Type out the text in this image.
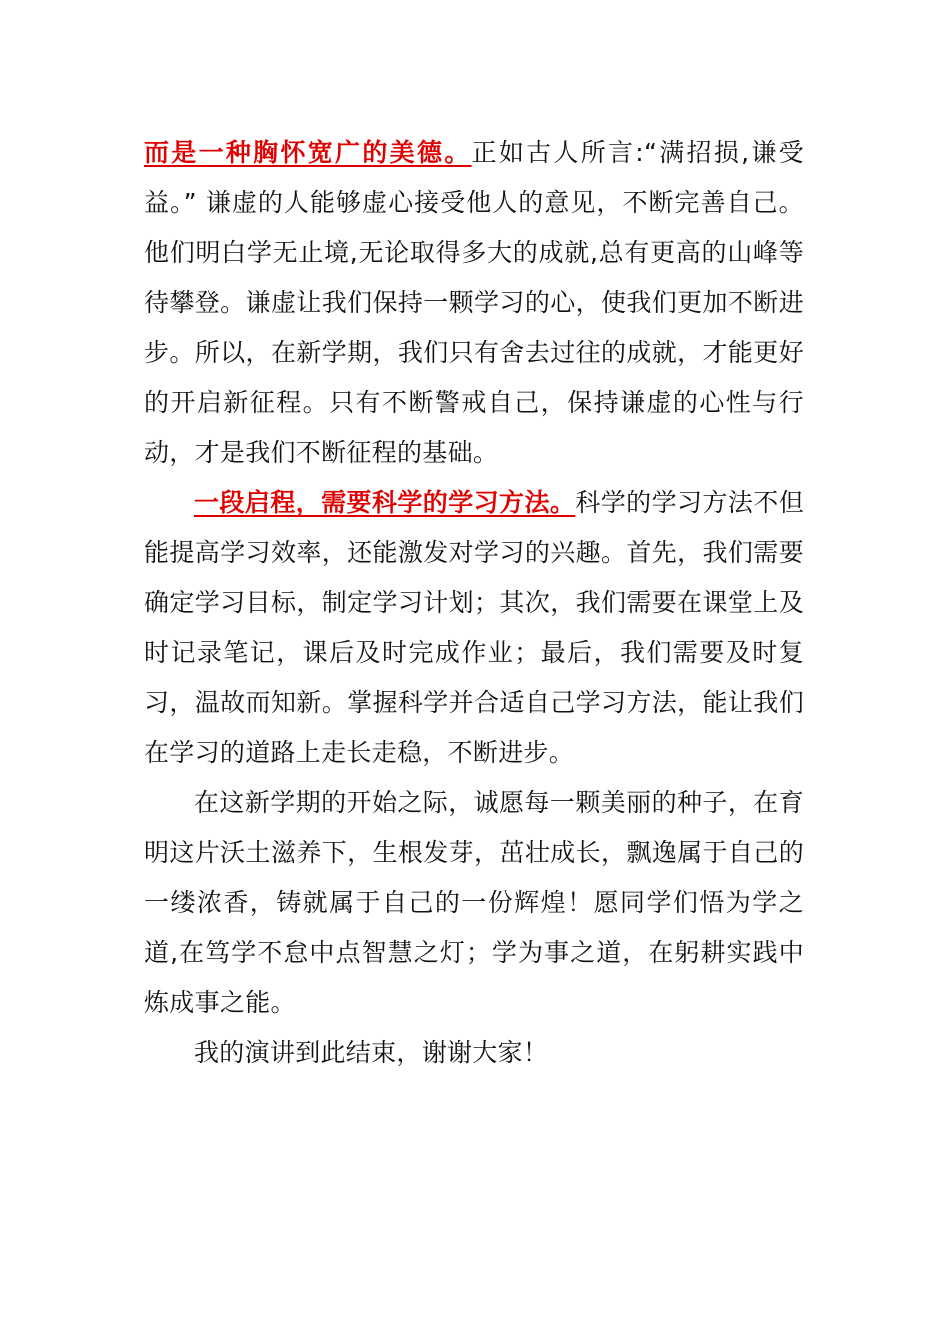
而是一种胸怀宽广的美德。正如古人所言:“满招损,谦受益。” 谦虚的人能够虚心接受他人的意见，不断完善自己。他们明白学无止境,无论取得多大的成就,总有更高的山峰等待攀登。谦虚让我们保持一颗学习的心，使我们更加不断进步。所以，在新学期，我们只有舍去过往的成就，才能更好的开启新征程。只有不断警戒自己，保持谦虚的心性与行动，才是我们不断征程的基础。

一段启程，需要科学的学习方法。科学的学习方法不但能提高学习效率，还能激发对学习的兴趣。首先，我们需要确定学习目标，制定学习计划；其次，我们需要在课堂上及时记录笔记，课后及时完成作业；最后，我们需要及时复习，温故而知新。掌握科学并合适自己学习方法，能让我们在学习的道路上走长走稳，不断进步。

在这新学期的开始之际，诚愿每一颗美丽的种子，在育明这片沃土滋养下，生根发芽，茁壮成长，飘逸属于自己的一缕浓香，铸就属于自己的一份辉煌！愿同学们悟为学之道,在笃学不怠中点智慧之灯；学为事之道，在躬耕实践中炼成事之能。

我的演讲到此结束，谢谢大家！
